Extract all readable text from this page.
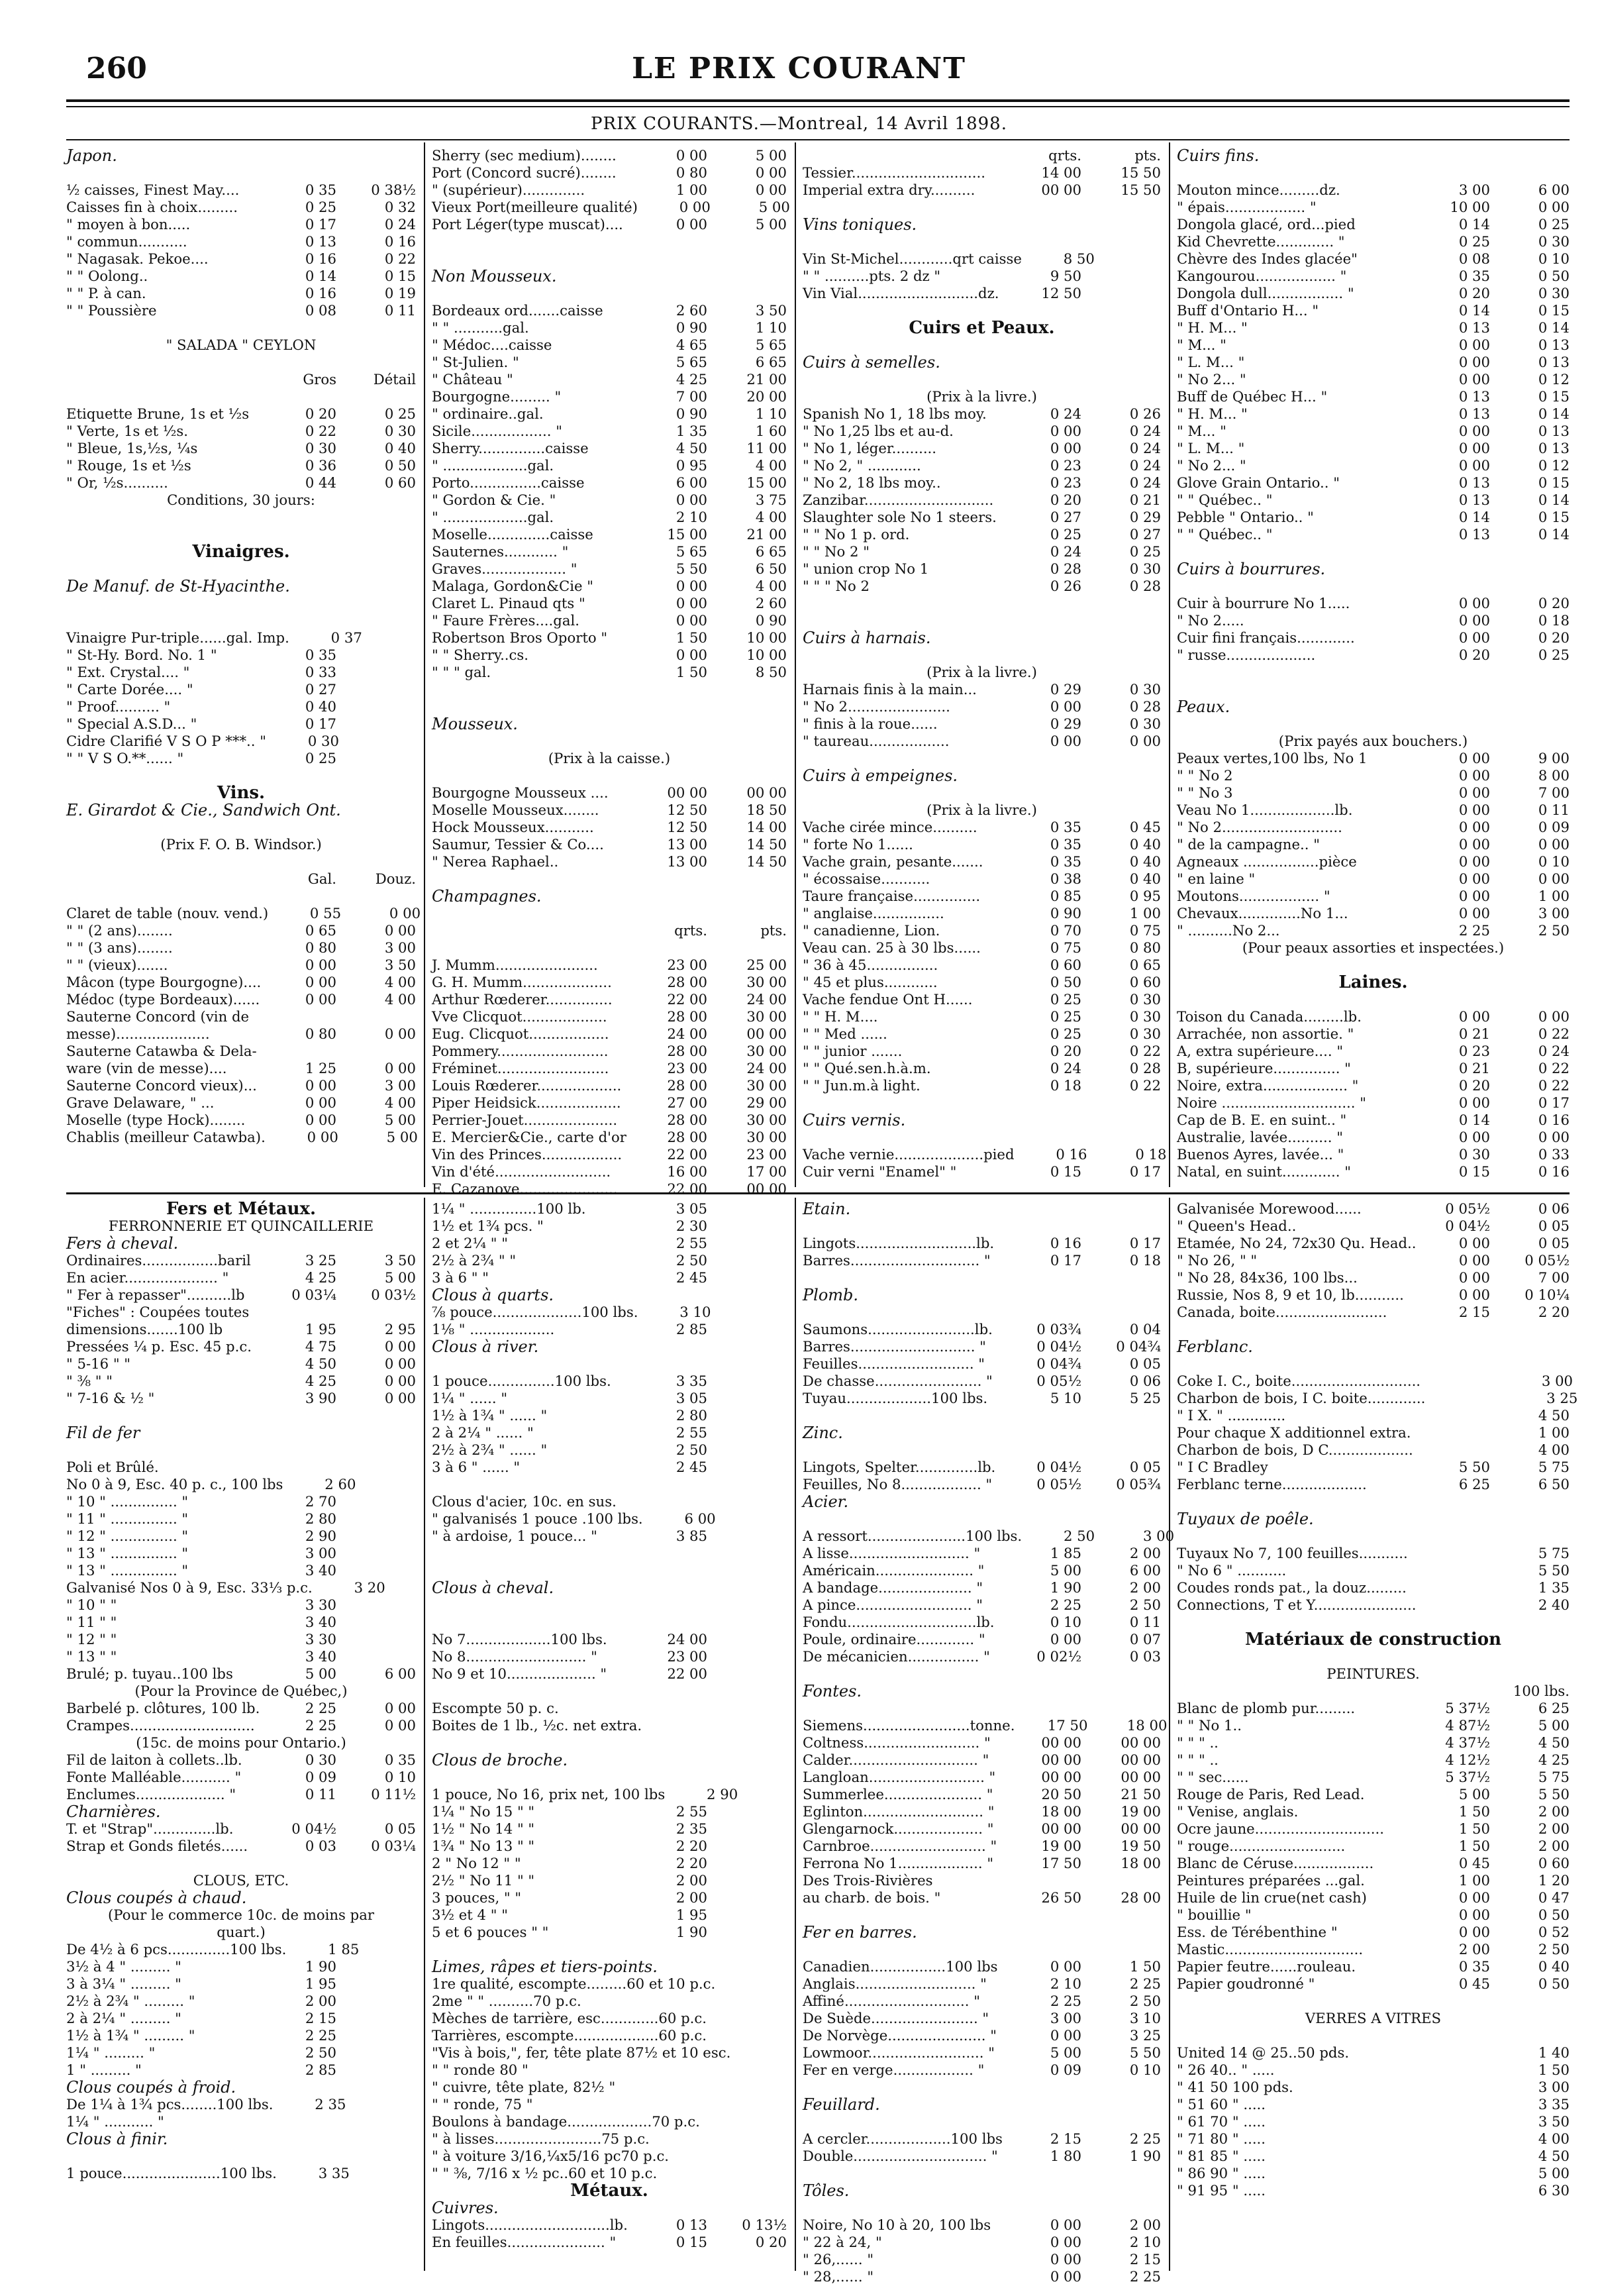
260	LE PRIX COURANT
PRIX COURANTS.—Montreal, 14 Avril 1898.
Japon.
½ caisses, Finest May....	0 35	0 38½
Caisses fin à choix.........	0 25	0 32
" moyen à bon.....	0 17	0 24
" commun...........	0 13	0 16
" Nagasak. Pekoe....	0 16	0 22
" " Oolong..	0 14	0 15
" " P. à can.	0 16	0 19
" " Poussière	0 08	0 11
" SALADA " CEYLON
Gros	Détail
Etiquette Brune, 1s et ½s	0 20	0 25
" Verte, 1s et ½s.	0 22	0 30
" Bleue, 1s,½s, ¼s	0 30	0 40
" Rouge, 1s et ½s	0 36	0 50
" Or, ½s..........	0 44	0 60
Conditions, 30 jours:
Vinaigres.
De Manuf. de St-Hyacinthe.
Vinaigre Pur-triple......gal. Imp.	0 37
" St-Hy. Bord. No. 1 "	0 35
" Ext. Crystal.... "	0 33
" Carte Dorée.... "	0 27
" Proof.......... "	0 40
" Special A.S.D... "	0 17
Cidre Clarifié V S O P ***.. "	0 30
" " V S O.**...... "	0 25
Vins.
E. Girardot & Cie., Sandwich Ont.
(Prix F. O. B. Windsor.)
Gal.	Douz.
Claret de table (nouv. vend.)	0 55	0 00
" " (2 ans)........	0 65	0 00
" " (3 ans)........	0 80	3 00
" " (vieux).......	0 00	3 50
Mâcon (type Bourgogne)....	0 00	4 00
Médoc (type Bordeaux)......	0 00	4 00
Sauterne Concord (vin de
messe).....................	0 80	0 00
Sauterne Catawba & Dela-
ware (vin de messe)....	1 25	0 00
Sauterne Concord vieux)...	0 00	3 00
Grave Delaware, " ...	0 00	4 00
Moselle (type Hock)........	0 00	5 00
Chablis (meilleur Catawba).	0 00	5 00
Sherry (sec medium)........	0 00	5 00
Port (Concord sucré)........	0 80	0 00
" (supérieur)..............	1 00	0 00
Vieux Port(meilleure qualité)	0 00	5 00
Port Léger(type muscat)....	0 00	5 00
Non Mousseux.
Bordeaux ord.......caisse	2 60	3 50
" " ...........gal.	0 90	1 10
" Médoc....caisse	4 65	5 65
" St-Julien. "	5 65	6 65
" Château "	4 25	21 00
Bourgogne......... "	7 00	20 00
" ordinaire..gal.	0 90	1 10
Sicile.................. "	1 35	1 60
Sherry...............caisse	4 50	11 00
" ...................gal.	0 95	4 00
Porto................caisse	6 00	15 00
" Gordon & Cie. "	0 00	3 75
" ...................gal.	2 10	4 00
Moselle..............caisse	15 00	21 00
Sauternes............ "	5 65	6 65
Graves................... "	5 50	6 50
Malaga, Gordon&Cie "	0 00	4 00
Claret L. Pinaud qts "	0 00	2 60
" Faure Frères....gal.	0 00	0 90
Robertson Bros Oporto "	1 50	10 00
" " Sherry..cs.	0 00	10 00
" " " gal.	1 50	8 50
Mousseux.
(Prix à la caisse.)
Bourgogne Mousseux ....	00 00	00 00
Moselle Mousseux........	12 50	18 50
Hock Mousseux...........	12 50	14 00
Saumur, Tessier & Co....	13 00	14 50
" Nerea Raphael..	13 00	14 50
Champagnes.
qrts.	pts.
J. Mumm.......................	23 00	25 00
G. H. Mumm....................	28 00	30 00
Arthur Rœderer...............	22 00	24 00
Vve Clicquot...................	28 00	30 00
Eug. Clicquot..................	24 00	00 00
Pommery.........................	28 00	30 00
Fréminet.........................	23 00	24 00
Louis Rœderer...................	28 00	30 00
Piper Heidsick...................	27 00	29 00
Perrier-Jouet.....................	28 00	30 00
E. Mercier&Cie., carte d'or	28 00	30 00
Vin des Princes..................	22 00	23 00
Vin d'été..........................	16 00	17 00
E. Cazanove......................	22 00	00 00
qrts.	pts.
Tessier..............................	14 00	15 50
Imperial extra dry..........	00 00	15 50
Vins toniques.
Vin St-Michel............qrt caisse	8 50
" " ..........pts. 2 dz "	9 50
Vin Vial...........................dz.	12 50
Cuirs et Peaux.
Cuirs à semelles.
(Prix à la livre.)
Spanish No 1, 18 lbs moy.	0 24	0 26
" No 1,25 lbs et au-d.	0 00	0 24
" No 1, léger..........	0 00	0 24
" No 2, " ............	0 23	0 24
" No 2, 18 lbs moy..	0 23	0 24
Zanzibar.............................	0 20	0 21
Slaughter sole No 1 steers.	0 27	0 29
" " No 1 p. ord.	0 25	0 27
" " No 2 "	0 24	0 25
" union crop No 1	0 28	0 30
" " " No 2	0 26	0 28
Cuirs à harnais.
(Prix à la livre.)
Harnais finis à la main...	0 29	0 30
" No 2.......................	0 00	0 28
" finis à la roue......	0 29	0 30
" taureau..................	0 00	0 00
Cuirs à empeignes.
(Prix à la livre.)
Vache cirée mince..........	0 35	0 45
" forte No 1......	0 35	0 40
Vache grain, pesante.......	0 35	0 40
" écossaise...........	0 38	0 40
Taure française...............	0 85	0 95
" anglaise................	0 90	1 00
" canadienne, Lion.	0 70	0 75
Veau can. 25 à 30 lbs......	0 75	0 80
" 36 à 45................	0 60	0 65
" 45 et plus............	0 50	0 60
Vache fendue Ont H......	0 25	0 30
" " H. M....	0 25	0 30
" " Med ......	0 25	0 30
" " junior .......	0 20	0 22
" " Qué.sen.h.à.m.	0 24	0 28
" " Jun.m.à light.	0 18	0 22
Cuirs vernis.
Vache vernie....................pied	0 16	0 18
Cuir verni "Enamel" "	0 15	0 17
Cuirs fins.
Mouton mince.........dz.	3 00	6 00
" épais.................. "	10 00	0 00
Dongola glacé, ord...pied	0 14	0 25
Kid Chevrette............. "	0 25	0 30
Chèvre des Indes glacée"	0 08	0 10
Kangourou.................. "	0 35	0 50
Dongola dull................. "	0 20	0 30
Buff d'Ontario H... "	0 14	0 15
" H. M... "	0 13	0 14
" M... "	0 00	0 13
" L. M... "	0 00	0 13
" No 2... "	0 00	0 12
Buff de Québec H... "	0 13	0 15
" H. M... "	0 13	0 14
" M... "	0 00	0 13
" L. M... "	0 00	0 13
" No 2... "	0 00	0 12
Glove Grain Ontario.. "	0 13	0 15
" " Québec.. "	0 13	0 14
Pebble " Ontario.. "	0 14	0 15
" " Québec.. "	0 13	0 14
Cuirs à bourrures.
Cuir à bourrure No 1.....	0 00	0 20
" No 2.....	0 00	0 18
Cuir fini français.............	0 00	0 20
" russe....................	0 20	0 25
Peaux.
(Prix payés aux bouchers.)
Peaux vertes,100 lbs, No 1	0 00	9 00
" " No 2	0 00	8 00
" " No 3	0 00	7 00
Veau No 1...................lb.	0 00	0 11
" No 2...........................	0 00	0 09
" de la campagne.. "	0 00	0 00
Agneaux .................pièce	0 00	0 10
" en laine "	0 00	0 00
Moutons.................. "	0 00	1 00
Chevaux..............No 1...	0 00	3 00
" ..........No 2...	2 25	2 50
(Pour peaux assorties et inspectées.)
Laines.
Toison du Canada.........lb.	0 00	0 00
Arrachée, non assortie. "	0 21	0 22
A, extra supérieure.... "	0 23	0 24
B, supérieure............... "	0 21	0 22
Noire, extra................... "	0 20	0 22
Noire .............................. "	0 00	0 17
Cap de B. E. en suint.. "	0 14	0 16
Australie, lavée.......... "	0 00	0 00
Buenos Ayres, lavée... "	0 30	0 33
Natal, en suint............. "	0 15	0 16
Fers et Métaux.
FERRONNERIE ET QUINCAILLERIE
Fers à cheval.
Ordinaires.................baril	3 25	3 50
En acier..................... "	4 25	5 00
" Fer à repasser"..........lb	0 03¼	0 03½
"Fiches" : Coupées toutes
dimensions.......100 lb	1 95	2 95
Pressées ¼ p. Esc. 45 p.c.	4 75	0 00
" 5-16 " "	4 50	0 00
" ⅜ " "	4 25	0 00
" 7-16 & ½ "	3 90	0 00
Fil de fer
Poli et Brûlé.
No 0 à 9, Esc. 40 p. c., 100 lbs	2 60
" 10 " ............... "	2 70
" 11 " ............... "	2 80
" 12 " ............... "	2 90
" 13 " ............... "	3 00
" 13 " ............... "	3 40
Galvanisé Nos 0 à 9, Esc. 33⅓ p.c.	3 20
" 10 " "	3 30
" 11 " "	3 40
" 12 " "	3 30
" 13 " "	3 40
Brulé; p. tuyau..100 lbs	5 00	6 00
(Pour la Province de Québec,)
Barbelé p. clôtures, 100 lb.	2 25	0 00
Crampes............................	2 25	0 00
(15c. de moins pour Ontario.)
Fil de laiton à collets..lb.	0 30	0 35
Fonte Malléable........... "	0 09	0 10
Enclumes.................... "	0 11	0 11½
Charnières.
T. et "Strap"..............lb.	0 04½	0 05
Strap et Gonds filetés......	0 03	0 03¼
CLOUS, ETC.
Clous coupés à chaud.
(Pour le commerce 10c. de moins par
quart.)
De 4½ à 6 pcs..............100 lbs.	1 85
3½ à 4 " ......... "	1 90
3 à 3¼ " ......... "	1 95
2½ à 2¾ " ......... "	2 00
2 à 2¼ " ......... "	2 15
1½ à 1¾ " ......... "	2 25
1¼ " ......... "	2 50
1 " ......... "	2 85
Clous coupés à froid.
De 1¼ à 1¾ pcs........100 lbs.	2 35
1¼ " ........... "
Clous à finir.
1 pouce......................100 lbs.	3 35
1¼ " ...............100 lb.	3 05
1½ et 1¾ pcs. "	2 30
2 et 2¼ " "	2 55
2½ à 2¾ " "	2 50
3 à 6 " "	2 45
Clous à quarts.
⅞ pouce....................100 lbs.	3 10
1⅛ " ...................	2 85
Clous à river.
1 pouce...............100 lbs.	3 35
1¼ " ...... "	3 05
1½ à 1¾ " ...... "	2 80
2 à 2¼ " ...... "	2 55
2½ à 2¾ " ...... "	2 50
3 à 6 " ...... "	2 45
Clous d'acier, 10c. en sus.
" galvanisés 1 pouce .100 lbs.	6 00
" à ardoise, 1 pouce... "	3 85
Clous à cheval.
No 7...................100 lbs.	24 00
No 8........................... "	23 00
No 9 et 10.................... "	22 00
Escompte 50 p. c.
Boites de 1 lb., ½c. net extra.
Clous de broche.
1 pouce, No 16, prix net, 100 lbs	2 90
1¼ " No 15 " "	2 55
1½ " No 14 " "	2 35
1¾ " No 13 " "	2 20
2 " No 12 " "	2 20
2½ " No 11 " "	2 00
3 pouces, " "	2 00
3½ et 4 " "	1 95
5 et 6 pouces " "	1 90
Limes, râpes et tiers-points.
1re qualité, escompte.........60 et 10 p.c.
2me " " ..........70 p.c.
Mèches de tarrière, esc.............60 p.c.
Tarrières, escompte...................60 p.c.
"Vis à bois,", fer, tête plate 87½ et 10 esc.
" " ronde 80 "
" cuivre, tête plate, 82½ "
" " ronde, 75 "
Boulons à bandage...................70 p.c.
" à lisses........................75 p.c.
" à voiture 3/16,¼x5/16 pc70 p.c.
" " ⅜, 7/16 x ½ pc..60 et 10 p.c.
Métaux.
Cuivres.
Lingots............................lb.	0 13	0 13½
En feuilles...................... "	0 15	0 20
Etain.
Lingots...........................lb.	0 16	0 17
Barres............................. "	0 17	0 18
Plomb.
Saumons........................lb.	0 03¾	0 04
Barres............................ "	0 04½	0 04¾
Feuilles.......................... "	0 04¾	0 05
De chasse........................ "	0 05½	0 06
Tuyau...................100 lbs.	5 10	5 25
Zinc.
Lingots, Spelter..............lb.	0 04½	0 05
Feuilles, No 8.................. "	0 05½	0 05¾
Acier.
A ressort......................100 lbs.	2 50	3 00
A lisse........................... "	1 85	2 00
Américain...................... "	5 00	6 00
A bandage..................... "	1 90	2 00
A pince.......................... "	2 25	2 50
Fondu.............................lb.	0 10	0 11
Poule, ordinaire............. "	0 00	0 07
De mécanicien................ "	0 02½	0 03
Fontes.
Siemens........................tonne.	17 50	18 00
Coltness.......................... "	00 00	00 00
Calder............................. "	00 00	00 00
Langloan.......................... "	00 00	00 00
Summerlee...................... "	20 50	21 50
Eglinton........................... "	18 00	19 00
Glengarnock.................... "	00 00	00 00
Carnbroe.......................... "	19 00	19 50
Ferrona No 1................... "	17 50	18 00
Des Trois-Rivières
au charb. de bois. "	26 50	28 00
Fer en barres.
Canadien.................100 lbs	0 00	1 50
Anglais........................... "	2 10	2 25
Affiné............................ "	2 25	2 50
De Suède........................ "	3 00	3 10
De Norvège...................... "	0 00	3 25
Lowmoor.......................... "	5 00	5 50
Fer en verge.................. "	0 09	0 10
Feuillard.
A cercler...................100 lbs	2 15	2 25
Double.............................. "	1 80	1 90
Tôles.
Noire, No 10 à 20, 100 lbs	0 00	2 00
" 22 à 24, "	0 00	2 10
" 26,...... "	0 00	2 15
" 28,...... "	0 00	2 25
Galvanisée Morewood......	0 05½	0 06
" Queen's Head..	0 04½	0 05
Etamée, No 24, 72x30 Qu. Head..	0 00	0 05
" No 26, " "	0 00	0 05½
" No 28, 84x36, 100 lbs...	0 00	7 00
Russie, Nos 8, 9 et 10, lb...........	0 00	0 10¼
Canada, boite.........................	2 15	2 20
Ferblanc.
Coke I. C., boite.............................	3 00
Charbon de bois, I C. boite.............	3 25
" I X. " .............	4 50
Pour chaque X additionnel extra.	1 00
Charbon de bois, D C...................	4 00
" I C Bradley	5 50	5 75
Ferblanc terne...................	6 25	6 50
Tuyaux de poêle.
Tuyaux No 7, 100 feuilles...........	5 75
" No 6 " ...........	5 50
Coudes ronds pat., la douz.........	1 35
Connections, T et Y.......................	2 40
Matériaux de construction
PEINTURES.
100 lbs.
Blanc de plomb pur.........	5 37½	6 25
" " No 1..	4 87½	5 00
" " " ..	4 37½	4 50
" " " ..	4 12½	4 25
" " sec......	5 37½	5 75
Rouge de Paris, Red Lead.	5 00	5 50
" Venise, anglais.	1 50	2 00
Ocre jaune.............................	1 50	2 00
" rouge..........................	1 50	2 00
Blanc de Céruse..................	0 45	0 60
Peintures préparées ...gal.	1 00	1 20
Huile de lin crue(net cash)	0 00	0 47
" bouillie "	0 00	0 50
Ess. de Térébenthine "	0 00	0 52
Mastic...............................	2 00	2 50
Papier feutre......rouleau.	0 35	0 40
Papier goudronné "	0 45	0 50
VERRES A VITRES
United 14 @ 25..50 pds.	1 40
" 26 40.. " .....	1 50
" 41 50 100 pds.	3 00
" 51 60 " .....	3 35
" 61 70 " .....	3 50
" 71 80 " .....	4 00
" 81 85 " .....	4 50
" 86 90 " .....	5 00
" 91 95 " .....	6 30
